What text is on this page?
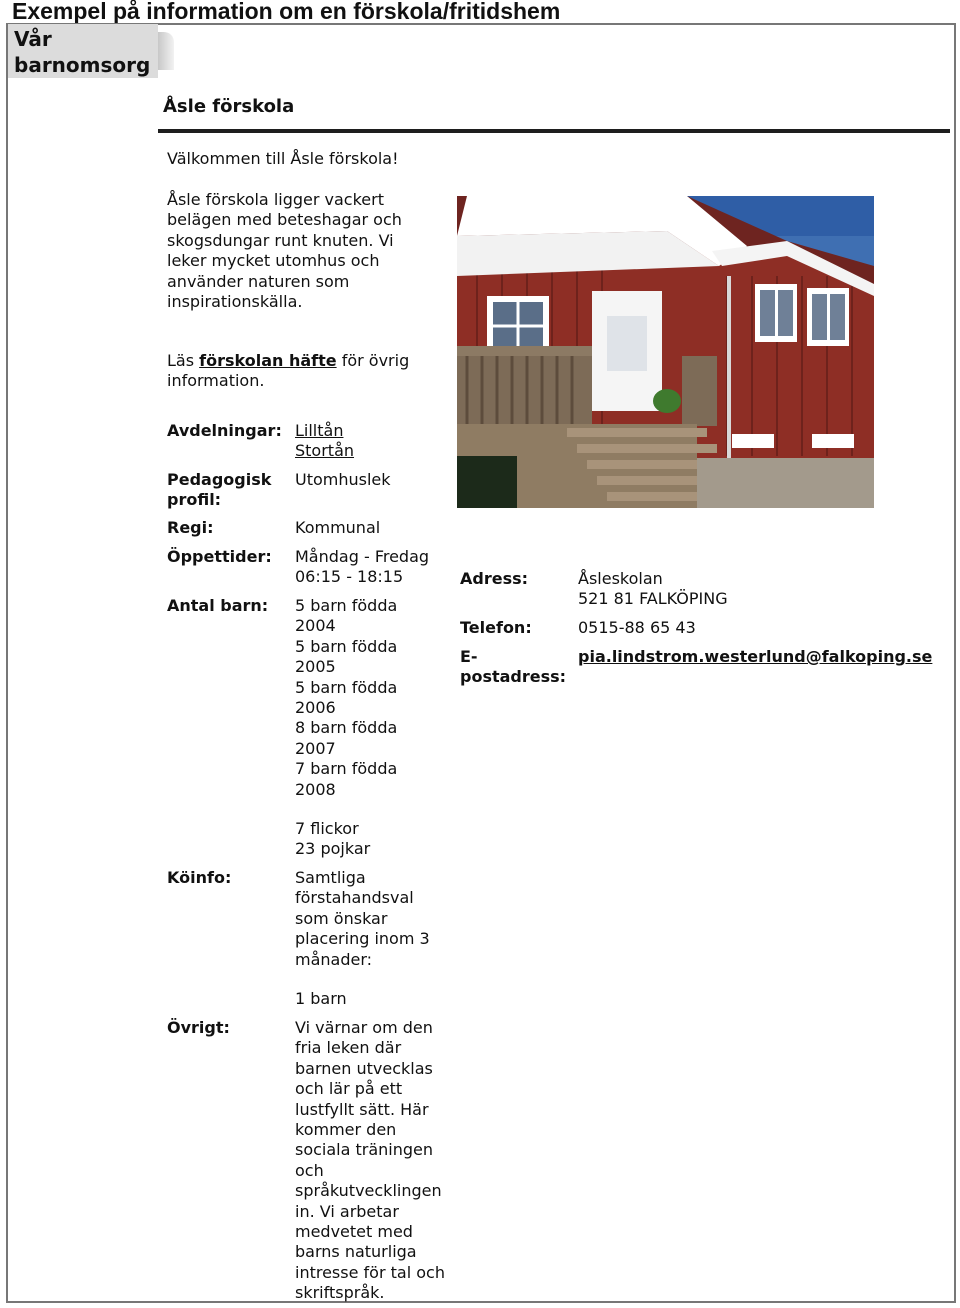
Exempel på information om en förskola/fritidshem
Vår barnomsorg
Åsle förskola
Välkommen till Åsle förskola!
Åsle förskola ligger vackert belägen med beteshagar och skogsdungar runt knuten. Vi leker mycket utomhus och använder naturen som inspirationskälla.
Läs förskolan häfte för övrig information.
Avdelningar: Lilltån
Stortån
Pedagogisk profil:
Utomhuslek
Regi:	Kommunal
Öppettider: Måndag - Fredag 06:15 - 18:15
Antal barn: 5 barn födda 2004
5 barn födda 2005
5 barn födda 2006
8 barn födda 2007
7 barn födda 2008
7 flickor
23 pojkar
Köinfo:	Samtliga förstahandsval som önskar placering inom 3 månader:
1 barn
Övrigt:	Vi värnar om den fria leken där barnen utvecklas och lär på ett lustfyllt sätt. Här kommer den sociala träningen och språkutvecklingen in. Vi arbetar medvetet med barns naturliga intresse för tal och skriftspråk.
Adress:	Åsleskolan
521 81 FALKÖPING
Telefon:	0515-88 65 43
E-postadress:
pia.lindstrom.westerlund@falkoping.se
